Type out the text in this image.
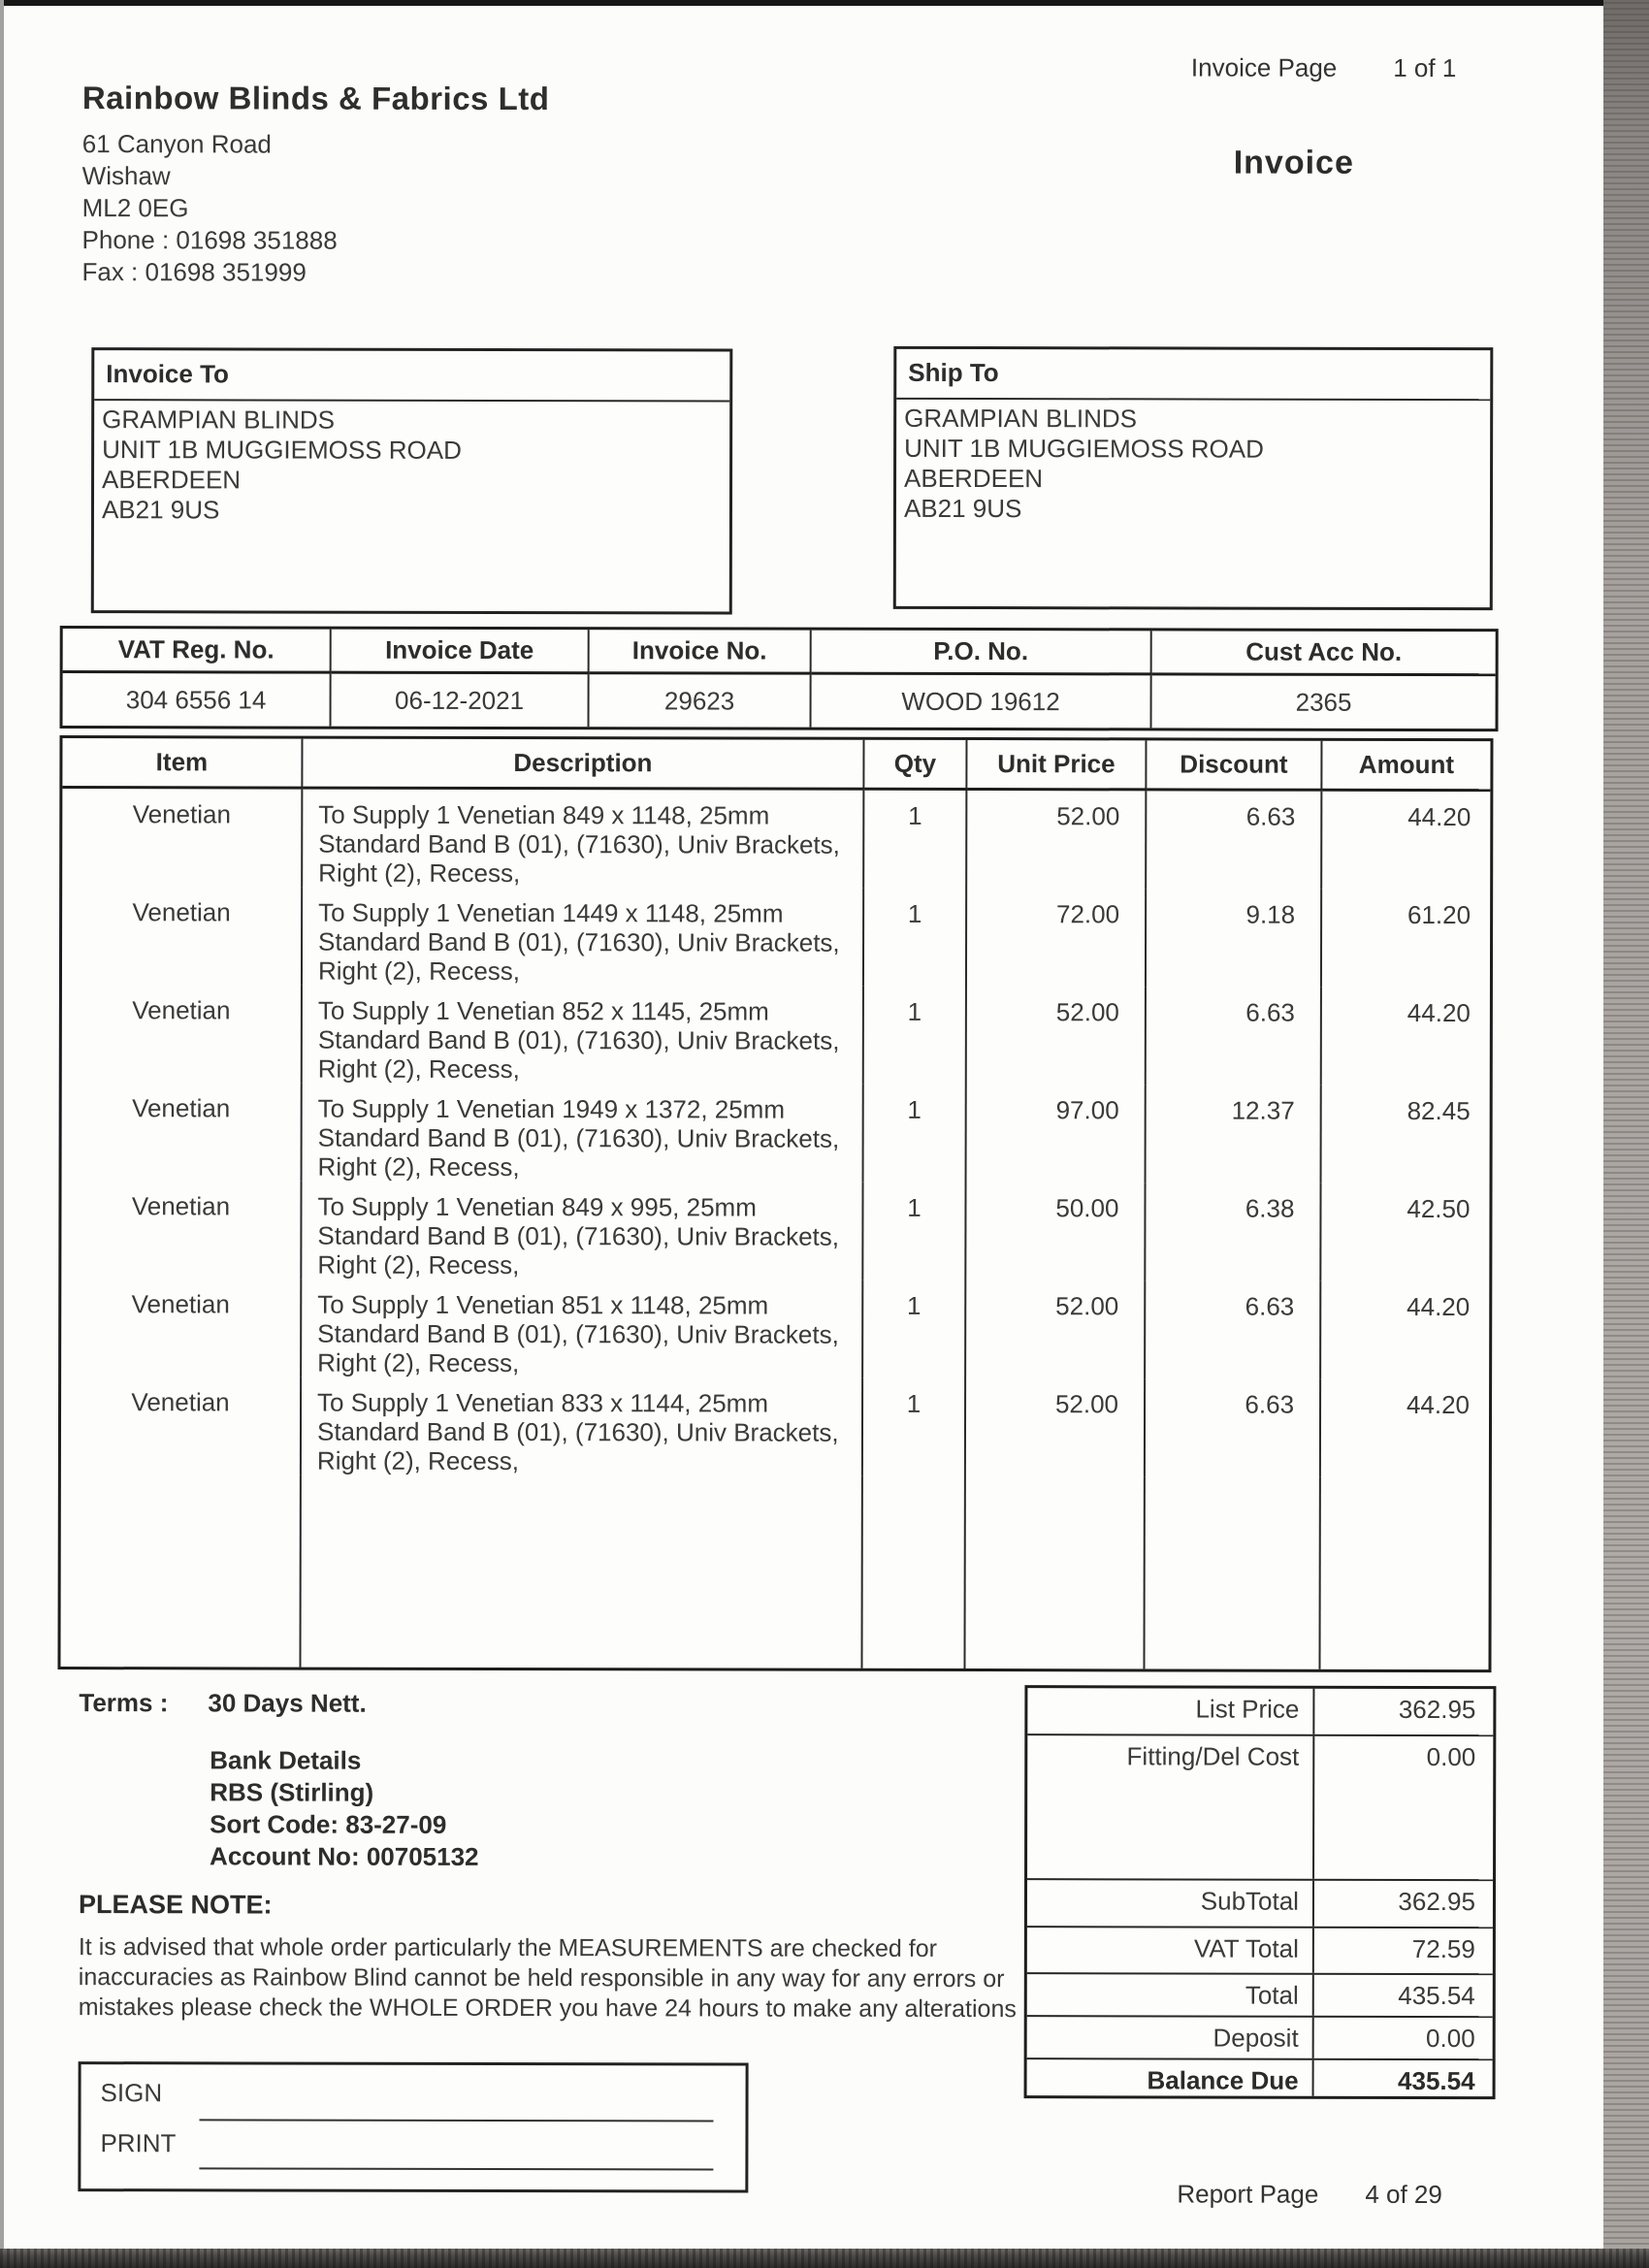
Rainbow Blinds & Fabrics Ltd
61 Canyon Road
Wishaw
ML2 0EG
Phone : 01698 351888
Fax : 01698 351999
Invoice Page 1 of 1
Invoice
Invoice To
GRAMPIAN BLINDS
UNIT 1B MUGGIEMOSS ROAD
ABERDEEN
AB21 9US
Ship To
GRAMPIAN BLINDS
UNIT 1B MUGGIEMOSS ROAD
ABERDEEN
AB21 9US
VAT Reg. No.	Invoice Date	Invoice No.	P.O. No.	Cust Acc No.
304 6556 14	06-12-2021	29623	WOOD 19612	2365
Item	Description	Qty	Unit Price	Discount	Amount
Venetian	To Supply 1 Venetian 849 x 1148, 25mm
Standard Band B (01), (71630), Univ Brackets,
Right (2), Recess,
1	52.00	6.63	44.20
Venetian	To Supply 1 Venetian 1449 x 1148, 25mm
Standard Band B (01), (71630), Univ Brackets,
Right (2), Recess,
1	72.00	9.18	61.20
Venetian	To Supply 1 Venetian 852 x 1145, 25mm
Standard Band B (01), (71630), Univ Brackets,
Right (2), Recess,
1	52.00	6.63	44.20
Venetian	To Supply 1 Venetian 1949 x 1372, 25mm
Standard Band B (01), (71630), Univ Brackets,
Right (2), Recess,
1	97.00	12.37	82.45
Venetian	To Supply 1 Venetian 849 x 995, 25mm
Standard Band B (01), (71630), Univ Brackets,
Right (2), Recess,
1	50.00	6.38	42.50
Venetian	To Supply 1 Venetian 851 x 1148, 25mm
Standard Band B (01), (71630), Univ Brackets,
Right (2), Recess,
1	52.00	6.63	44.20
Venetian	To Supply 1 Venetian 833 x 1144, 25mm
Standard Band B (01), (71630), Univ Brackets,
Right (2), Recess,
1	52.00	6.63	44.20
Terms : 30 Days Nett.
Bank Details
RBS (Stirling)
Sort Code: 83-27-09
Account No: 00705132
PLEASE NOTE:
It is advised that whole order particularly the MEASUREMENTS are checked for
inaccuracies as Rainbow Blind cannot be held responsible in any way for any errors or
mistakes please check the WHOLE ORDER you have 24 hours to make any alterations
List Price	362.95
Fitting/Del Cost	0.00
SubTotal	362.95
VAT Total	72.59
Total	435.54
Deposit	0.00
Balance Due	435.54
SIGN
PRINT
Report Page 4 of 29
